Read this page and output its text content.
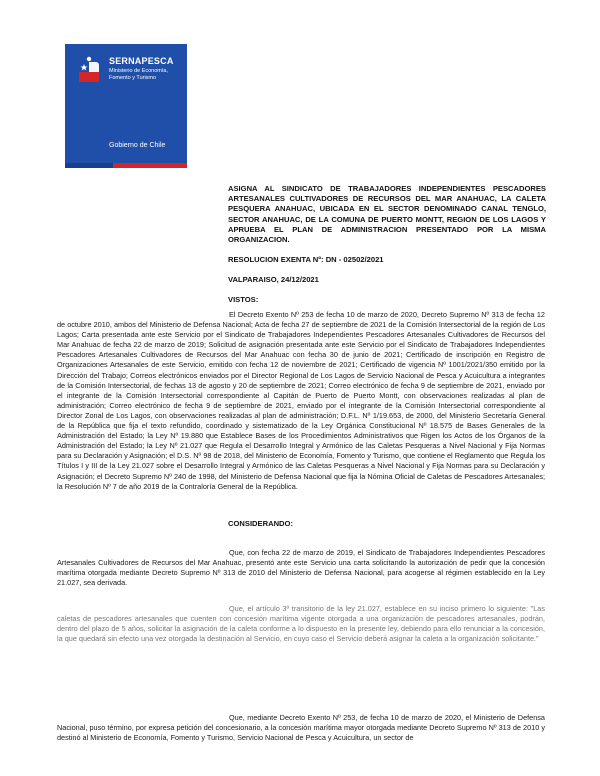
SERNAPESCA
Ministerio de Economía, Fomento y Turismo
Gobierno de Chile
ASIGNA AL SINDICATO DE TRABAJADORES INDEPENDIENTES PESCADORES ARTESANALES CULTIVADORES DE RECURSOS DEL MAR ANAHUAC, LA CALETA PESQUERA ANAHUAC, UBICADA EN EL SECTOR DENOMINADO CANAL TENGLO, SECTOR ANAHUAC, DE LA COMUNA DE PUERTO MONTT, REGION DE LOS LAGOS Y APRUEBA EL PLAN DE ADMINISTRACION PRESENTADO POR LA MISMA ORGANIZACION.
RESOLUCION EXENTA Nº: DN - 02502/2021
VALPARAISO, 24/12/2021
VISTOS:
El Decreto Exento Nº 253 de fecha 10 de marzo de 2020, Decreto Supremo Nº 313 de fecha 12 de octubre 2010, ambos del Ministerio de Defensa Nacional; Acta de fecha 27 de septiembre de 2021 de la Comisión Intersectorial de la región de Los Lagos; Carta presentada ante este Servicio por el Sindicato de Trabajadores Independientes Pescadores Artesanales Cultivadores de Recursos del Mar Anahuac de fecha 22 de marzo de 2019; Solicitud de asignación presentada ante este Servicio por el Sindicato de Trabajadores Independientes Pescadores Artesanales Cultivadores de Recursos del Mar Anahuac con fecha 30 de junio de 2021; Certificado de inscripción en Registro de Organizaciones Artesanales de este Servicio, emitido con fecha 12 de noviembre de 2021; Certificado de vigencia Nº 1001/2021/350 emitido por la Dirección del Trabajo; Correos electrónicos enviados por el Director Regional de Los Lagos de Servicio Nacional de Pesca y Acuicultura a integrantes de la Comisión Intersectorial, de fechas 13 de agosto y 20 de septiembre de 2021; Correo electrónico de fecha 9 de septiembre de 2021, enviado por el integrante de la Comisión Intersectorial correspondiente al Capitán de Puerto de Puerto Montt, con observaciones realizadas al plan de administración; Correo electrónico de fecha 9 de septiembre de 2021, enviado por el integrante de la Comisión Intersectorial correspondiente al Director Zonal de Los Lagos, con observaciones realizadas al plan de administración; D.F.L. Nº 1/19.653, de 2000, del Ministerio Secretaría General de la República que fija el texto refundido, coordinado y sistematizado de la Ley Orgánica Constitucional Nº 18.575 de Bases Generales de la Administración del Estado; la Ley Nº 19.880 que Establece Bases de los Procedimientos Administrativos que Rigen los Actos de los Órganos de la Administración del Estado; la Ley Nº 21.027 que Regula el Desarrollo Integral y Armónico de las Caletas Pesqueras a Nivel Nacional y Fija Normas para su Declaración y Asignación; el D.S. Nº 98 de 2018, del Ministerio de Economía, Fomento y Turismo, que contiene el Reglamento que Regula los Títulos I y III de la Ley 21.027 sobre el Desarrollo Integral y Armónico de las Caletas Pesqueras a Nivel Nacional y Fija Normas para su Declaración y Asignación; el Decreto Supremo Nº 240 de 1998, del Ministerio de Defensa Nacional que fija la Nómina Oficial de Caletas de Pescadores Artesanales; la Resolución Nº 7 de año 2019 de la Contraloría General de la República.
CONSIDERANDO:
Que, con fecha 22 de marzo de 2019, el Sindicato de Trabajadores Independientes Pescadores Artesanales Cultivadores de Recursos del Mar Anahuac, presentó ante este Servicio una carta solicitando la autorización de pedir que la concesión marítima otorgada mediante Decreto Supremo Nº 313 de 2010 del Ministerio de Defensa Nacional, para acogerse al régimen establecido en la Ley 21.027, sea derivada.
Que, el artículo 3º transitorio de la ley 21.027, establece en su inciso primero lo siguiente: "Las caletas de pescadores artesanales que cuenten con concesión marítima vigente otorgada a una organización de pescadores artesanales, podrán, dentro del plazo de 5 años, solicitar la asignación de la caleta conforme a lo dispuesto en la presente ley, debiendo para ello renunciar a la concesión, la que quedará sin efecto una vez otorgada la destinación al Servicio, en cuyo caso el Servicio deberá asignar la caleta a la organización solicitante."
Que, mediante Decreto Exento Nº 253, de fecha 10 de marzo de 2020, el Ministerio de Defensa Nacional, puso término, por expresa petición del concesionario, a la concesión marítima mayor otorgada mediante Decreto Supremo Nº 313 de 2010 y destinó al Ministerio de Economía, Fomento y Turismo, Servicio Nacional de Pesca y Acuicultura, un sector de
